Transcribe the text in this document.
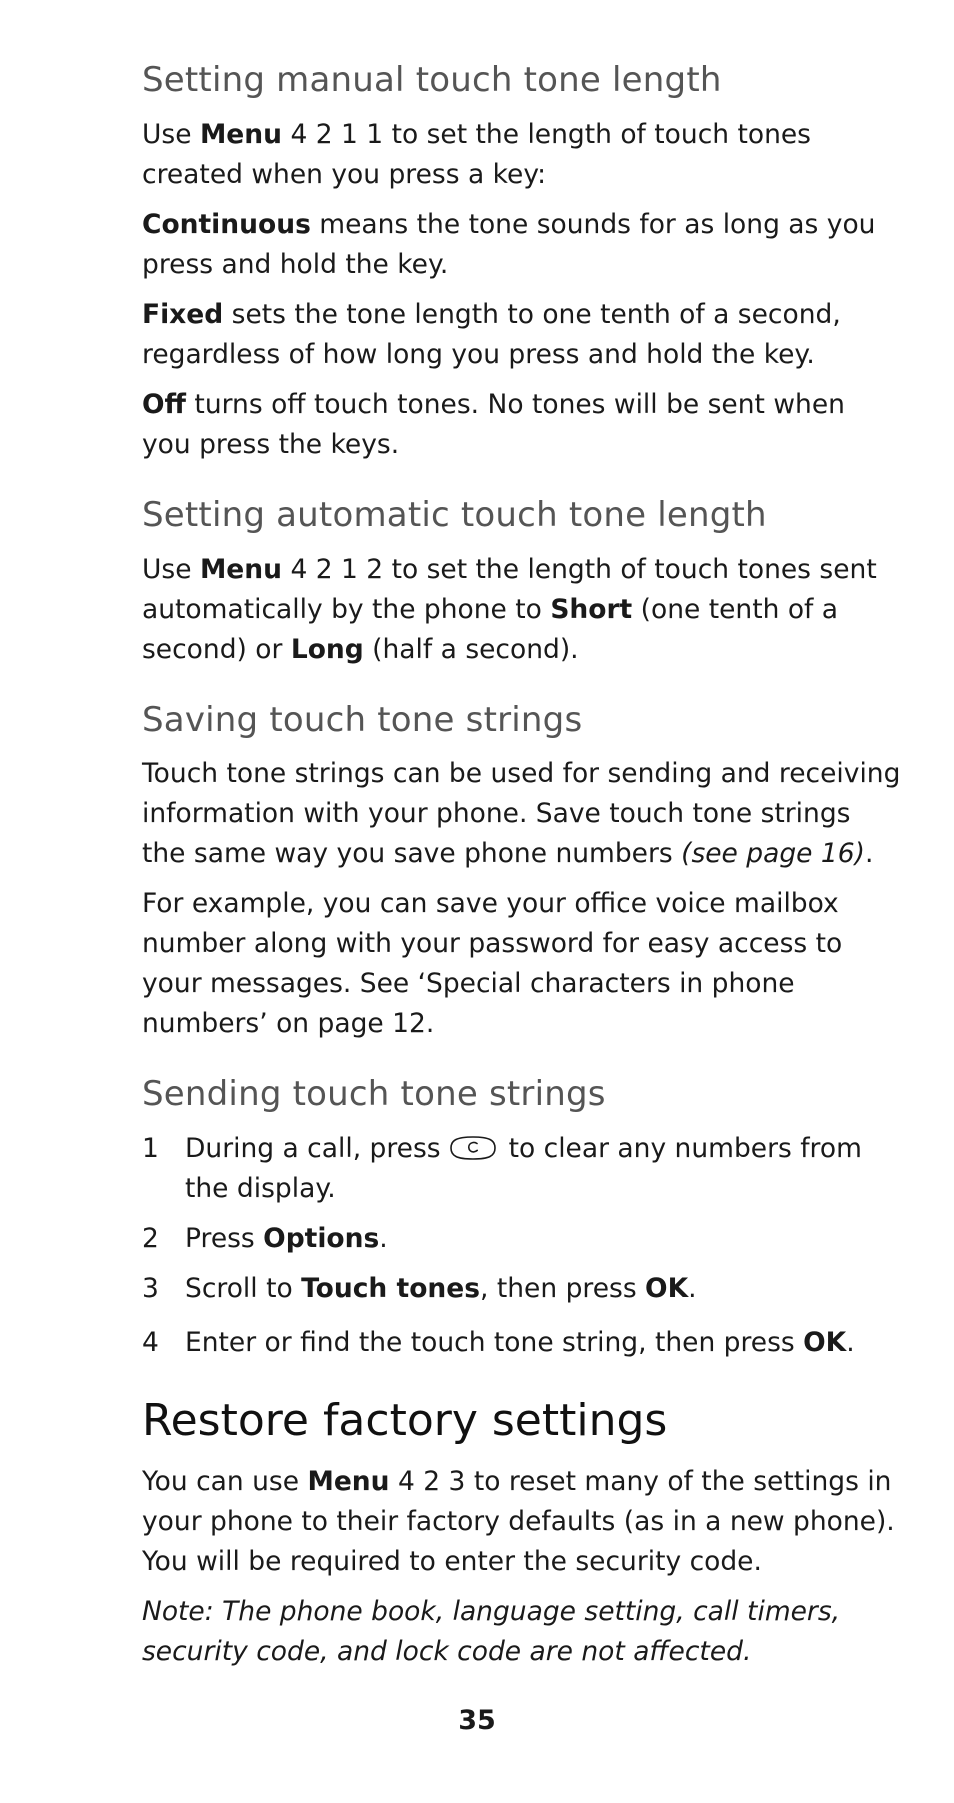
Setting manual touch tone length

Use Menu 4 2 1 1 to set the length of touch tones created when you press a key:

Continuous means the tone sounds for as long as you press and hold the key.

Fixed sets the tone length to one tenth of a second, regardless of how long you press and hold the key.

Off turns off touch tones. No tones will be sent when you press the keys.

Setting automatic touch tone length

Use Menu 4 2 1 2 to set the length of touch tones sent automatically by the phone to Short (one tenth of a second) or Long (half a second).

Saving touch tone strings

Touch tone strings can be used for sending and receiving information with your phone. Save touch tone strings the same way you save phone numbers (see page 16).

For example, you can save your office voice mailbox number along with your password for easy access to your messages. See ‘Special characters in phone numbers’ on page 12.

Sending touch tone strings

1 During a call, press	to clear any numbers from the display.

2 Press Options.

3 Scroll to Touch tones, then press OK.

4 Enter or find the touch tone string, then press OK.

Restore factory settings

You can use Menu 4 2 3 to reset many of the settings in your phone to their factory defaults (as in a new phone). You will be required to enter the security code.

Note: The phone book, language setting, call timers, security code, and lock code are not affected.

35
